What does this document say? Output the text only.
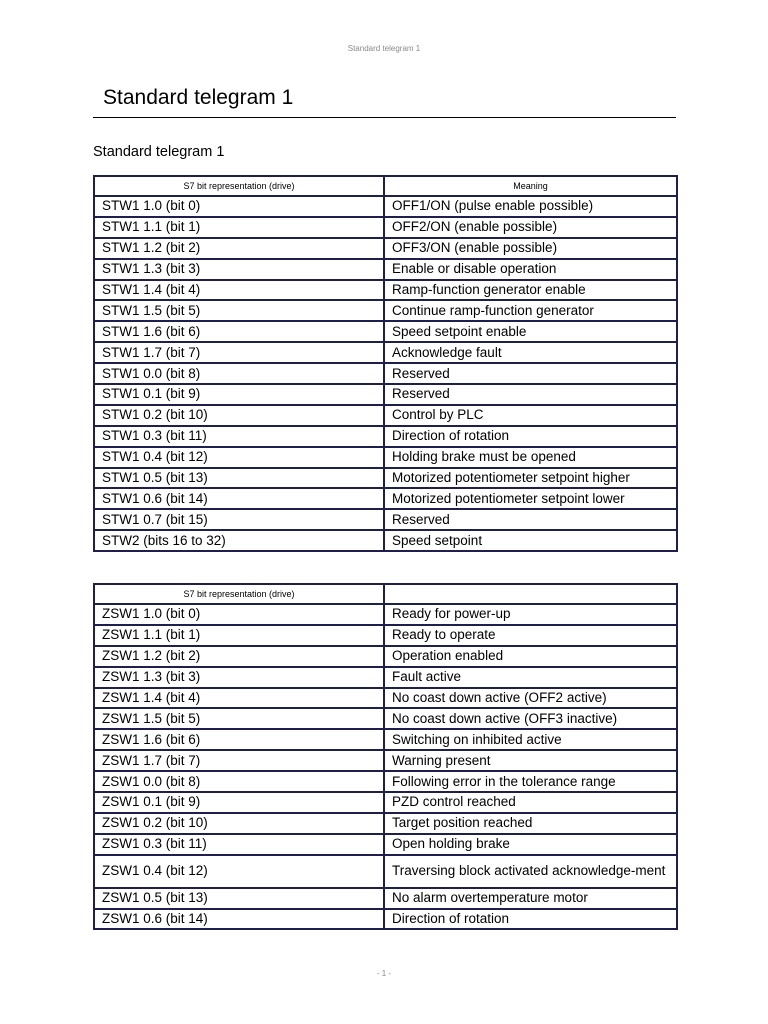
Standard telegram 1
Standard telegram 1
Standard telegram 1
S7 bit representation (drive)	Meaning
STW1 1.0 (bit 0)	OFF1/ON (pulse enable possible)
STW1 1.1 (bit 1)	OFF2/ON (enable possible)
STW1 1.2 (bit 2)	OFF3/ON (enable possible)
STW1 1.3 (bit 3)	Enable or disable operation
STW1 1.4 (bit 4)	Ramp-function generator enable
STW1 1.5 (bit 5)	Continue ramp-function generator
STW1 1.6 (bit 6)	Speed setpoint enable
STW1 1.7 (bit 7)	Acknowledge fault
STW1 0.0 (bit 8)	Reserved
STW1 0.1 (bit 9)	Reserved
STW1 0.2 (bit 10)	Control by PLC
STW1 0.3 (bit 11)	Direction of rotation
STW1 0.4 (bit 12)	Holding brake must be opened
STW1 0.5 (bit 13)	Motorized potentiometer setpoint higher
STW1 0.6 (bit 14)	Motorized potentiometer setpoint lower
STW1 0.7 (bit 15)	Reserved
STW2 (bits 16 to 32)	Speed setpoint
S7 bit representation (drive)	
ZSW1 1.0 (bit 0)	Ready for power-up
ZSW1 1.1 (bit 1)	Ready to operate
ZSW1 1.2 (bit 2)	Operation enabled
ZSW1 1.3 (bit 3)	Fault active
ZSW1 1.4 (bit 4)	No coast down active (OFF2 active)
ZSW1 1.5 (bit 5)	No coast down active (OFF3 inactive)
ZSW1 1.6 (bit 6)	Switching on inhibited active
ZSW1 1.7 (bit 7)	Warning present
ZSW1 0.0 (bit 8)	Following error in the tolerance range
ZSW1 0.1 (bit 9)	PZD control reached
ZSW1 0.2 (bit 10)	Target position reached
ZSW1 0.3 (bit 11)	Open holding brake
ZSW1 0.4 (bit 12)	Traversing block activated acknowledge-ment
ZSW1 0.5 (bit 13)	No alarm overtemperature motor
ZSW1 0.6 (bit 14)	Direction of rotation
- 1 -
